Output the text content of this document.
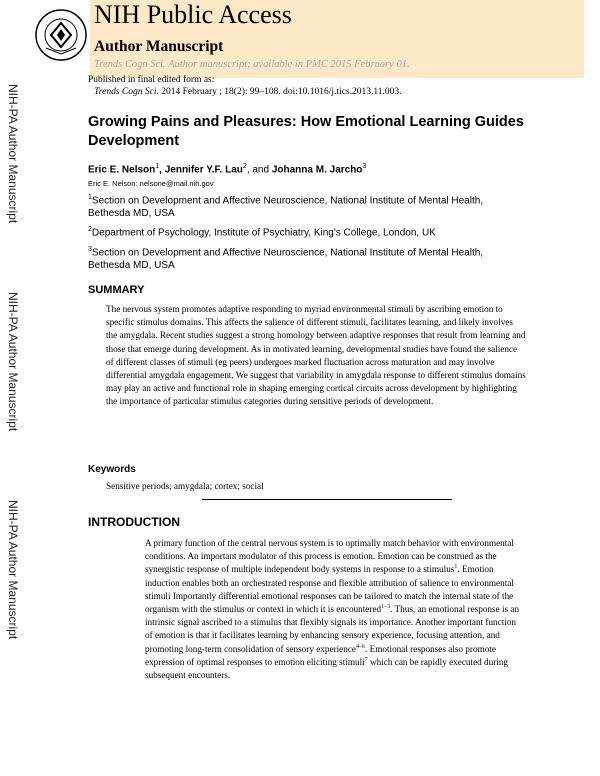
NIH Public Access
Author Manuscript
Trends Cogn Sci. Author manuscript; available in PMC 2015 February 01.
NIH-PA Author Manuscript
NIH-PA Author Manuscript
NIH-PA Author Manuscript
Published in final edited form as:
Trends Cogn Sci. 2014 February ; 18(2): 99–108. doi:10.1016/j.tics.2013.11.003.
Growing Pains and Pleasures: How Emotional Learning Guides Development
Eric E. Nelson$^1$, Jennifer Y.F. Lau$^2$, and Johanna M. Jarcho$^3$
Eric E. Nelson: nelsone@mail.nih.gov
$^1$Section on Development and Affective Neuroscience, National Institute of Mental Health, Bethesda MD, USA
$^2$Department of Psychology, Institute of Psychiatry, King's College, London, UK
$^3$Section on Development and Affective Neuroscience, National Institute of Mental Health, Bethesda MD, USA
SUMMARY
The nervous system promotes adaptive responding to myriad environmental stimuli by ascribing emotion to specific stimulus domains. This affects the salience of different stimuli, facilitates learning, and likely involves the amygdala. Recent studies suggest a strong homology between adaptive responses that result from learning and those that emerge during development. As in motivated learning, developmental studies have found the salience of different classes of stimuli (eg peers) undergoes marked fluctuation across maturation and may involve differential amygdala engagement. We suggest that variability in amygdala response to different stimulus domains may play an active and functional role in shaping emerging cortical circuits across development by highlighting the importance of particular stimulus categories during sensitive periods of development.
Keywords
Sensitive periods; amygdala; cortex; social
INTRODUCTION
A primary function of the central nervous system is to optimally match behavior with environmental conditions. An important modulator of this process is emotion. Emotion can be construed as the synergistic response of multiple independent body systems in response to a stimulus$^1$. Emotion induction enables both an orchestrated response and flexible attribution of salience to environmental stimuli Importantly differential emotional responses can be tailored to match the internal state of the organism with the stimulus or context in which it is encountered$^{1-3}$. Thus, an emotional response is an intrinsic signal ascribed to a stimulus that flexibly signals its importance. Another important function of emotion is that it facilitates learning by enhancing sensory experience, focusing attention, and promoting long-term consolidation of sensory experience$^{4-6}$. Emotional responses also promote expression of optimal responses to emotion eliciting stimuli$^7$ which can be rapidly executed during subsequent encounters.
